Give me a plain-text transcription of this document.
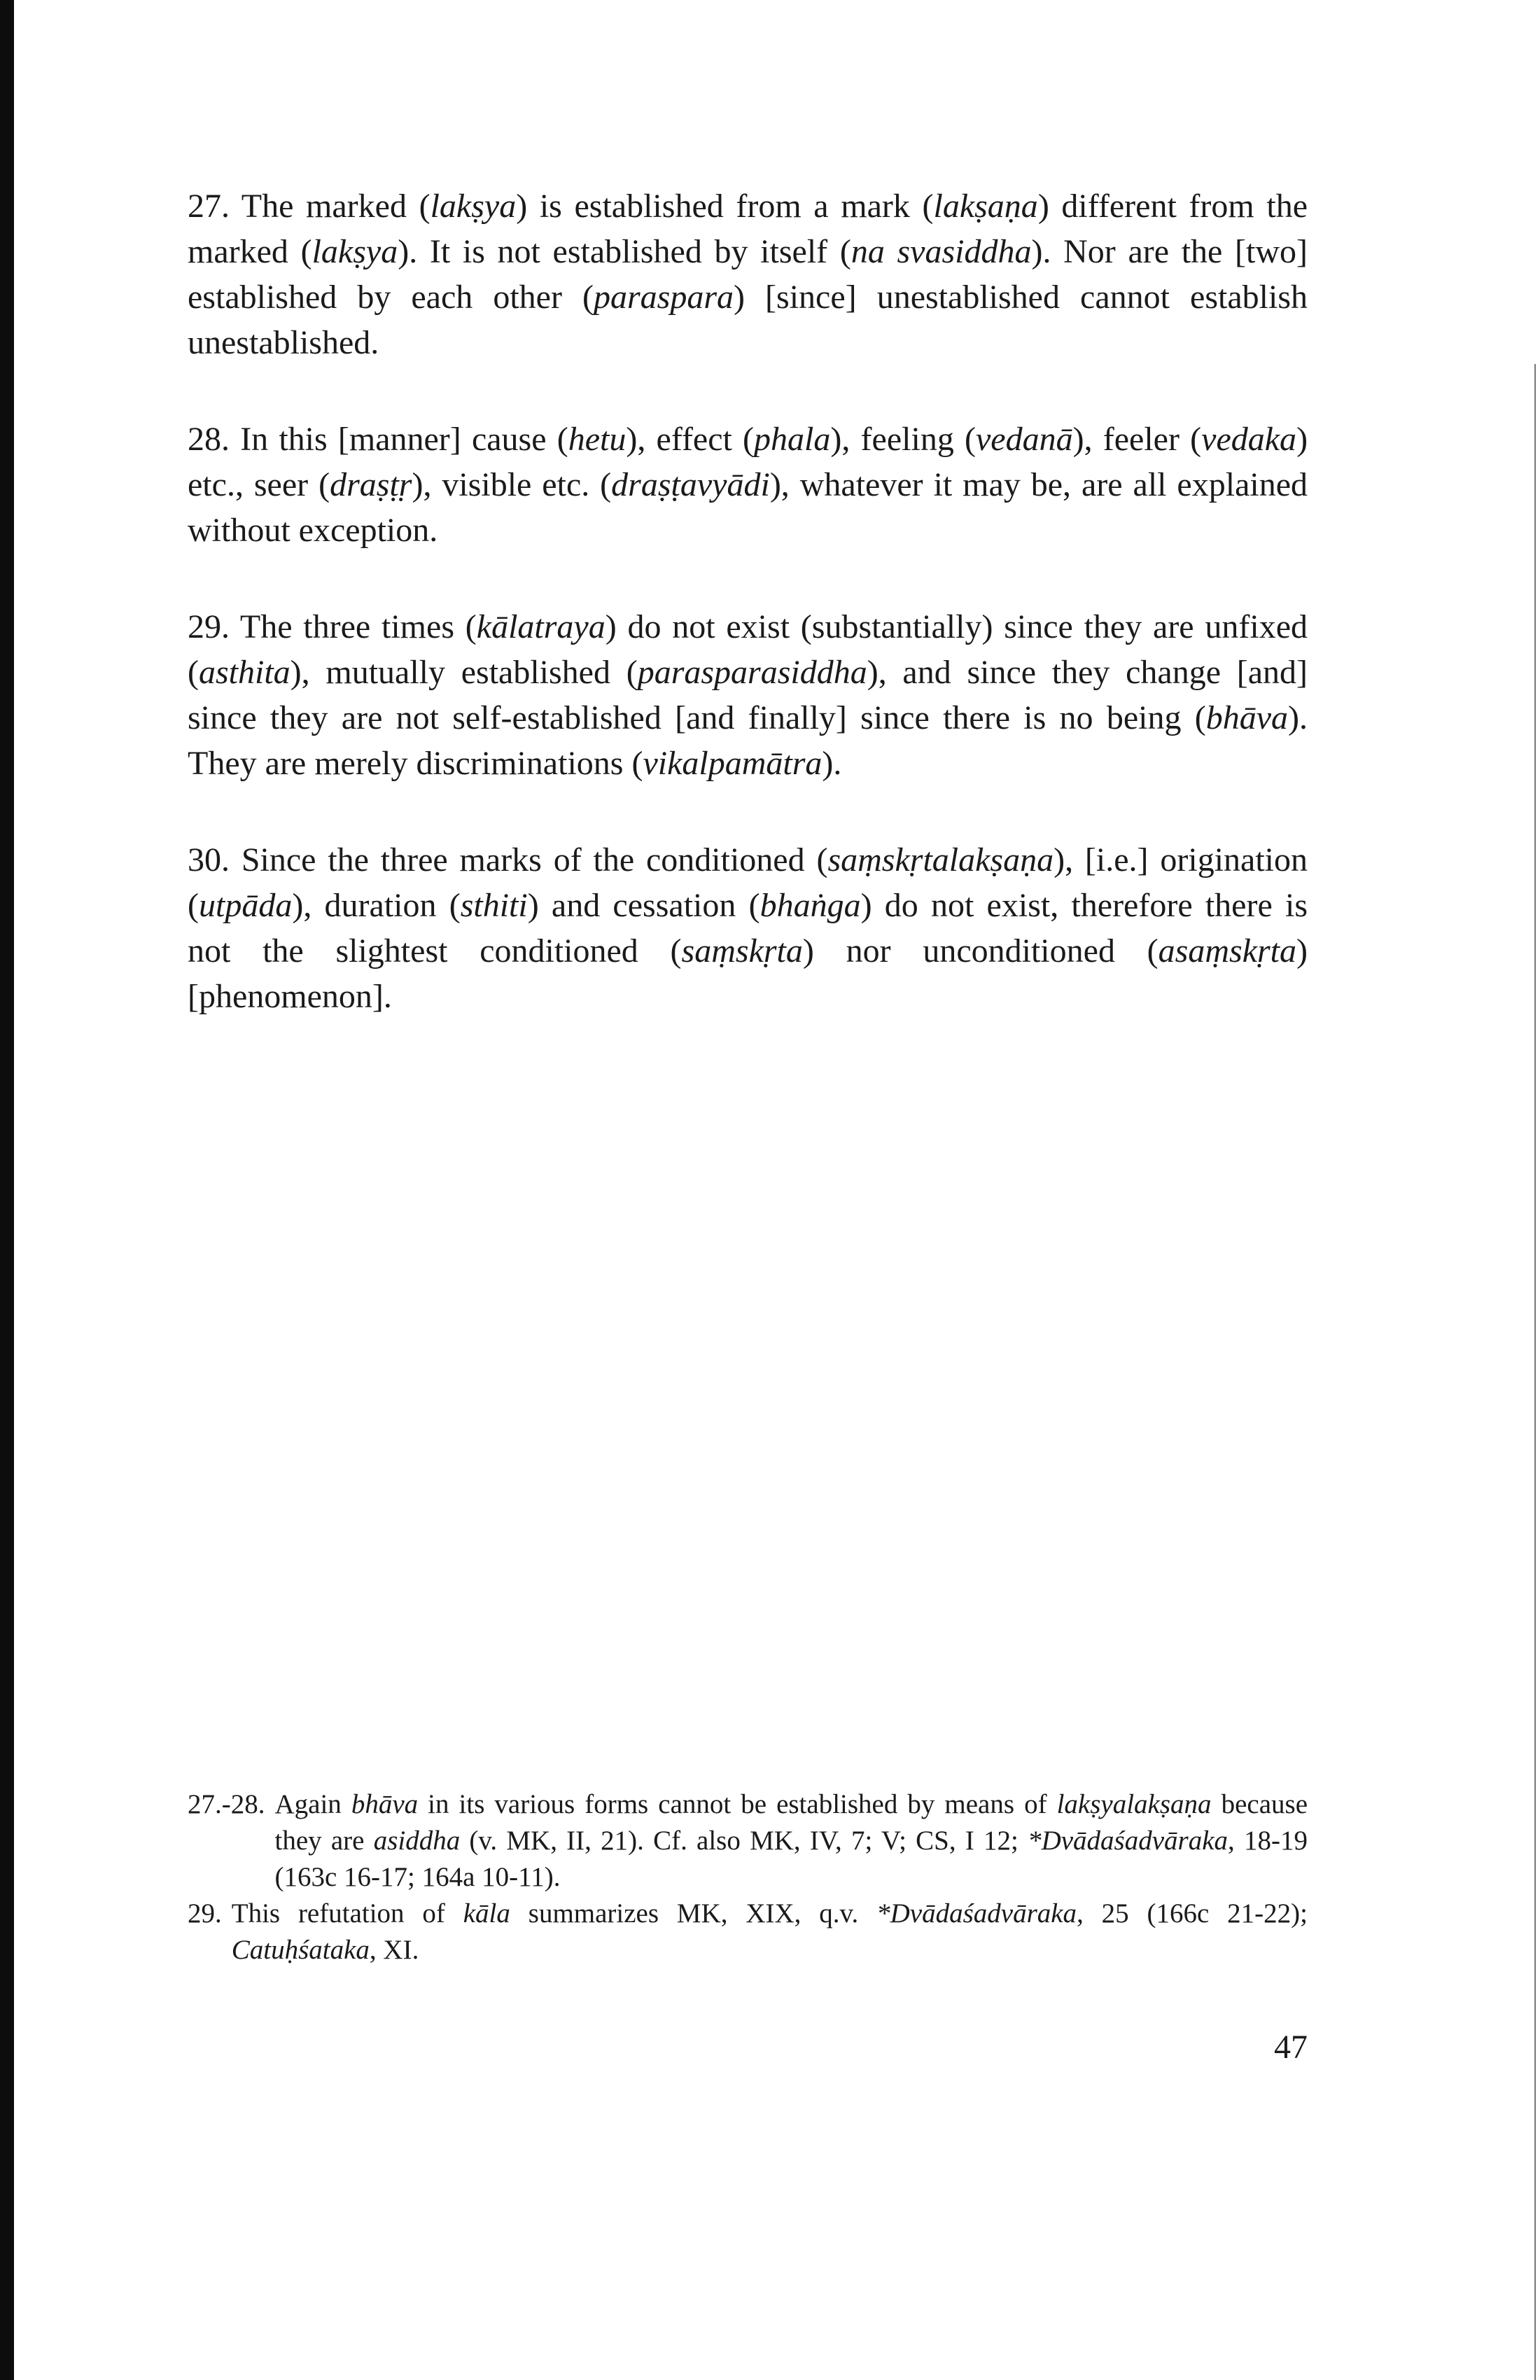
27. The marked (lakṣya) is established from a mark (lakṣaṇa) different from the marked (lakṣya). It is not established by itself (na svasiddha). Nor are the [two] established by each other (paraspara) [since] unestablished cannot establish unestablished.

28. In this [manner] cause (hetu), effect (phala), feeling (vedanā), feeler (vedaka) etc., seer (draṣṭṛ), visible etc. (draṣṭavyādi), whatever it may be, are all explained without exception.

29. The three times (kālatraya) do not exist (substantially) since they are unfixed (asthita), mutually established (parasparasiddha), and since they change [and] since they are not self-established [and finally] since there is no being (bhāva). They are merely discriminations (vikalpamātra).

30. Since the three marks of the conditioned (saṃskṛtalakṣaṇa), [i.e.] origination (utpāda), duration (sthiti) and cessation (bhaṅga) do not exist, therefore there is not the slightest conditioned (saṃskṛta) nor unconditioned (asaṃskṛta) [phenomenon].

27.-28. Again bhāva in its various forms cannot be established by means of lakṣyalakṣaṇa because they are asiddha (v. MK, II, 21). Cf. also MK, IV, 7; V; CS, I 12; *Dvādaśadvāraka, 18-19 (163c 16-17; 164a 10-11).

29. This refutation of kāla summarizes MK, XIX, q.v. *Dvādaśadvāraka, 25 (166c 21-22); Catuḥśataka, XI.

47
